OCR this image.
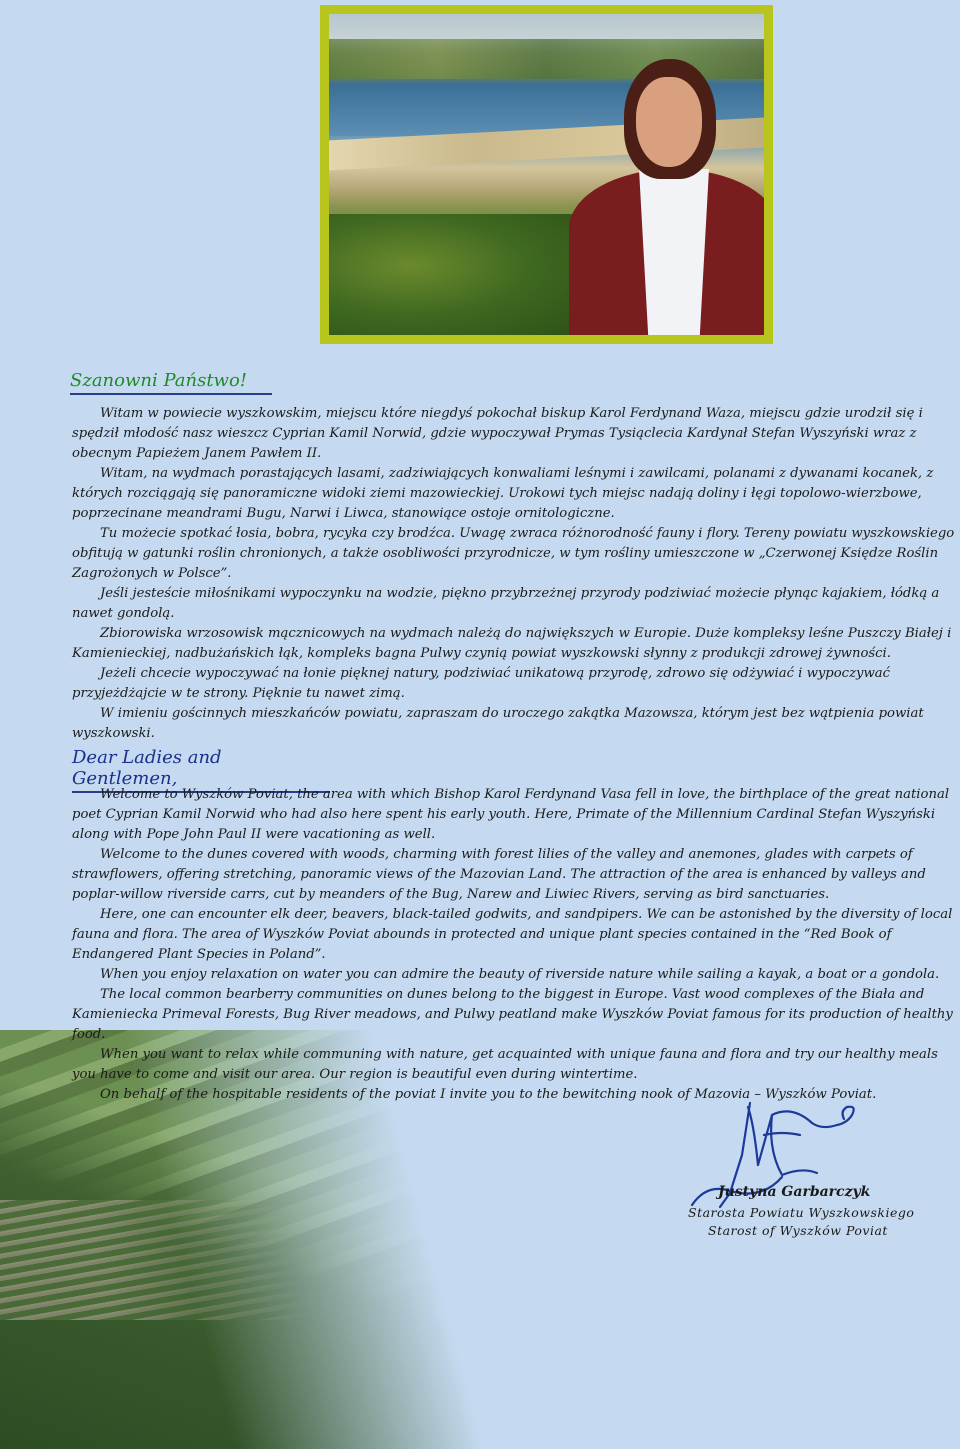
Szanowni Państwo!

Witam w powiecie wyszkowskim, miejscu które niegdyś pokochał biskup Karol Ferdynand Waza, miejscu gdzie urodził się i spędził młodość nasz wieszcz Cyprian Kamil Norwid, gdzie wypoczywał Prymas Tysiąclecia Kardynał Stefan Wyszyński wraz z obecnym Papieżem Janem Pawłem II.

Witam, na wydmach porastających lasami, zadziwiających konwaliami leśnymi i zawilcami, polanami z dywanami kocanek, z których rozciągają się panoramiczne widoki ziemi mazowieckiej. Urokowi tych miejsc nadają doliny i łęgi topolowo-wierzbowe, poprzecinane meandrami Bugu, Narwi i Liwca, stanowiące ostoje ornitologiczne.

Tu możecie spotkać łosia, bobra, rycyka czy brodźca. Uwagę zwraca różnorodność fauny i flory. Tereny powiatu wyszkowskiego obfitują w gatunki roślin chronionych, a także osobliwości przyrodnicze, w tym rośliny umieszczone w „Czerwonej Księdze Roślin Zagrożonych w Polsce”.

Jeśli jesteście miłośnikami wypoczynku na wodzie, piękno przybrzeżnej przyrody podziwiać możecie płynąc kajakiem, łódką a nawet gondolą.

Zbiorowiska wrzosowisk mącznicowych na wydmach należą do największych w Europie. Duże kompleksy leśne Puszczy Białej i Kamienieckiej, nadbużańskich łąk, kompleks bagna Pulwy czynią powiat wyszkowski słynny z produkcji zdrowej żywności.

Jeżeli chcecie wypoczywać na łonie pięknej natury, podziwiać unikatową przyrodę, zdrowo się odżywiać i wypoczywać przyjeżdżajcie w te strony. Pięknie tu nawet zimą.

W imieniu gościnnych mieszkańców powiatu, zapraszam do uroczego zakątka Mazowsza, którym jest bez wątpienia powiat wyszkowski.

Dear Ladies and Gentlemen,

Welcome to Wyszków Poviat, the area with which Bishop Karol Ferdynand Vasa fell in love, the birthplace of the great national poet Cyprian Kamil Norwid who had also here spent his early youth. Here, Primate of the Millennium Cardinal Stefan Wyszyński along with Pope John Paul II were vacationing as well.

Welcome to the dunes covered with woods, charming with forest lilies of the valley and anemones, glades with carpets of strawflowers, offering stretching, panoramic views of the Mazovian Land. The attraction of the area is enhanced by valleys and poplar-willow riverside carrs, cut by meanders of the Bug, Narew and Liwiec Rivers, serving as bird sanctuaries.

Here, one can encounter elk deer, beavers, black-tailed godwits, and sandpipers. We can be astonished by the diversity of local fauna and flora. The area of Wyszków Poviat abounds in protected and unique plant species contained in the “Red Book of Endangered Plant Species in Poland”.

When you enjoy relaxation on water you can admire the beauty of riverside nature while sailing a kayak, a boat or a gondola.

The local common bearberry communities on dunes belong to the biggest in Europe. Vast wood complexes of the Biała and Kamieniecka Primeval Forests, Bug River meadows, and Pulwy peatland make Wyszków Poviat famous for its production of healthy food.

When you want to relax while communing with nature, get acquainted with unique fauna and flora and try our healthy meals you have to come and visit our area. Our region is beautiful even during wintertime.

On behalf of the hospitable residents of the poviat I invite you to the bewitching nook of Mazovia – Wyszków Poviat.

Justyna Garbarczyk
Starosta Powiatu Wyszkowskiego
Starost of Wyszków Poviat
